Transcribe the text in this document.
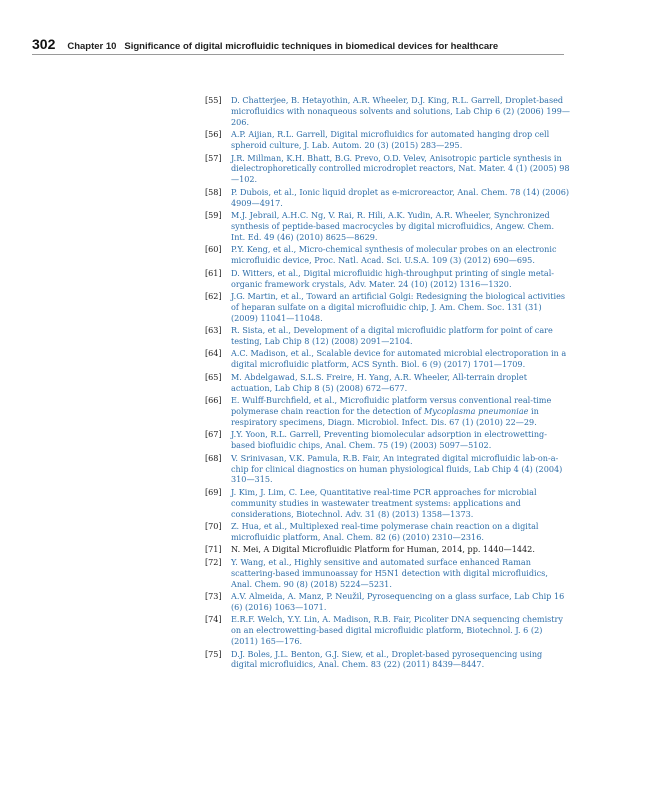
302 Chapter 10   Significance of digital microfluidic techniques in biomedical devices for healthcare
[55]	D. Chatterjee, B. Hetayothin, A.R. Wheeler, D.J. King, R.L. Garrell, Droplet-based microfluidics with nonaqueous solvents and solutions, Lab Chip 6 (2) (2006) 199—206.
[56]	A.P. Aijian, R.L. Garrell, Digital microfluidics for automated hanging drop cell spheroid culture, J. Lab. Autom. 20 (3) (2015) 283—295.
[57]	J.R. Millman, K.H. Bhatt, B.G. Prevo, O.D. Velev, Anisotropic particle synthesis in dielectrophoretically controlled microdroplet reactors, Nat. Mater. 4 (1) (2005) 98—102.
[58]	P. Dubois, et al., Ionic liquid droplet as e-microreactor, Anal. Chem. 78 (14) (2006) 4909—4917.
[59]	M.J. Jebrail, A.H.C. Ng, V. Rai, R. Hili, A.K. Yudin, A.R. Wheeler, Synchronized synthesis of peptide-based macrocycles by digital microfluidics, Angew. Chem. Int. Ed. 49 (46) (2010) 8625—8629.
[60]	P.Y. Keng, et al., Micro-chemical synthesis of molecular probes on an electronic microfluidic device, Proc. Natl. Acad. Sci. U.S.A. 109 (3) (2012) 690—695.
[61]	D. Witters, et al., Digital microfluidic high-throughput printing of single metal-organic framework crystals, Adv. Mater. 24 (10) (2012) 1316—1320.
[62]	J.G. Martin, et al., Toward an artificial Golgi: Redesigning the biological activities of heparan sulfate on a digital microfluidic chip, J. Am. Chem. Soc. 131 (31) (2009) 11041—11048.
[63]	R. Sista, et al., Development of a digital microfluidic platform for point of care testing, Lab Chip 8 (12) (2008) 2091—2104.
[64]	A.C. Madison, et al., Scalable device for automated microbial electroporation in a digital microfluidic platform, ACS Synth. Biol. 6 (9) (2017) 1701—1709.
[65]	M. Abdelgawad, S.L.S. Freire, H. Yang, A.R. Wheeler, All-terrain droplet actuation, Lab Chip 8 (5) (2008) 672—677.
[66]	E. Wulff-Burchfield, et al., Microfluidic platform versus conventional real-time polymerase chain reaction for the detection of Mycoplasma pneumoniae in respiratory specimens, Diagn. Microbiol. Infect. Dis. 67 (1) (2010) 22—29.
[67]	J.Y. Yoon, R.L. Garrell, Preventing biomolecular adsorption in electrowetting-based biofluidic chips, Anal. Chem. 75 (19) (2003) 5097—5102.
[68]	V. Srinivasan, V.K. Pamula, R.B. Fair, An integrated digital microfluidic lab-on-a-chip for clinical diagnostics on human physiological fluids, Lab Chip 4 (4) (2004) 310—315.
[69]	J. Kim, J. Lim, C. Lee, Quantitative real-time PCR approaches for microbial community studies in wastewater treatment systems: applications and considerations, Biotechnol. Adv. 31 (8) (2013) 1358—1373.
[70]	Z. Hua, et al., Multiplexed real-time polymerase chain reaction on a digital microfluidic platform, Anal. Chem. 82 (6) (2010) 2310—2316.
[71]	N. Mei, A Digital Microfluidic Platform for Human, 2014, pp. 1440—1442.
[72]	Y. Wang, et al., Highly sensitive and automated surface enhanced Raman scattering-based immunoassay for H5N1 detection with digital microfluidics, Anal. Chem. 90 (8) (2018) 5224—5231.
[73]	A.V. Almeida, A. Manz, P. Neužil, Pyrosequencing on a glass surface, Lab Chip 16 (6) (2016) 1063—1071.
[74]	E.R.F. Welch, Y.Y. Lin, A. Madison, R.B. Fair, Picoliter DNA sequencing chemistry on an electrowetting-based digital microfluidic platform, Biotechnol. J. 6 (2) (2011) 165—176.
[75]	D.J. Boles, J.L. Benton, G.J. Siew, et al., Droplet-based pyrosequencing using digital microfluidics, Anal. Chem. 83 (22) (2011) 8439—8447.
